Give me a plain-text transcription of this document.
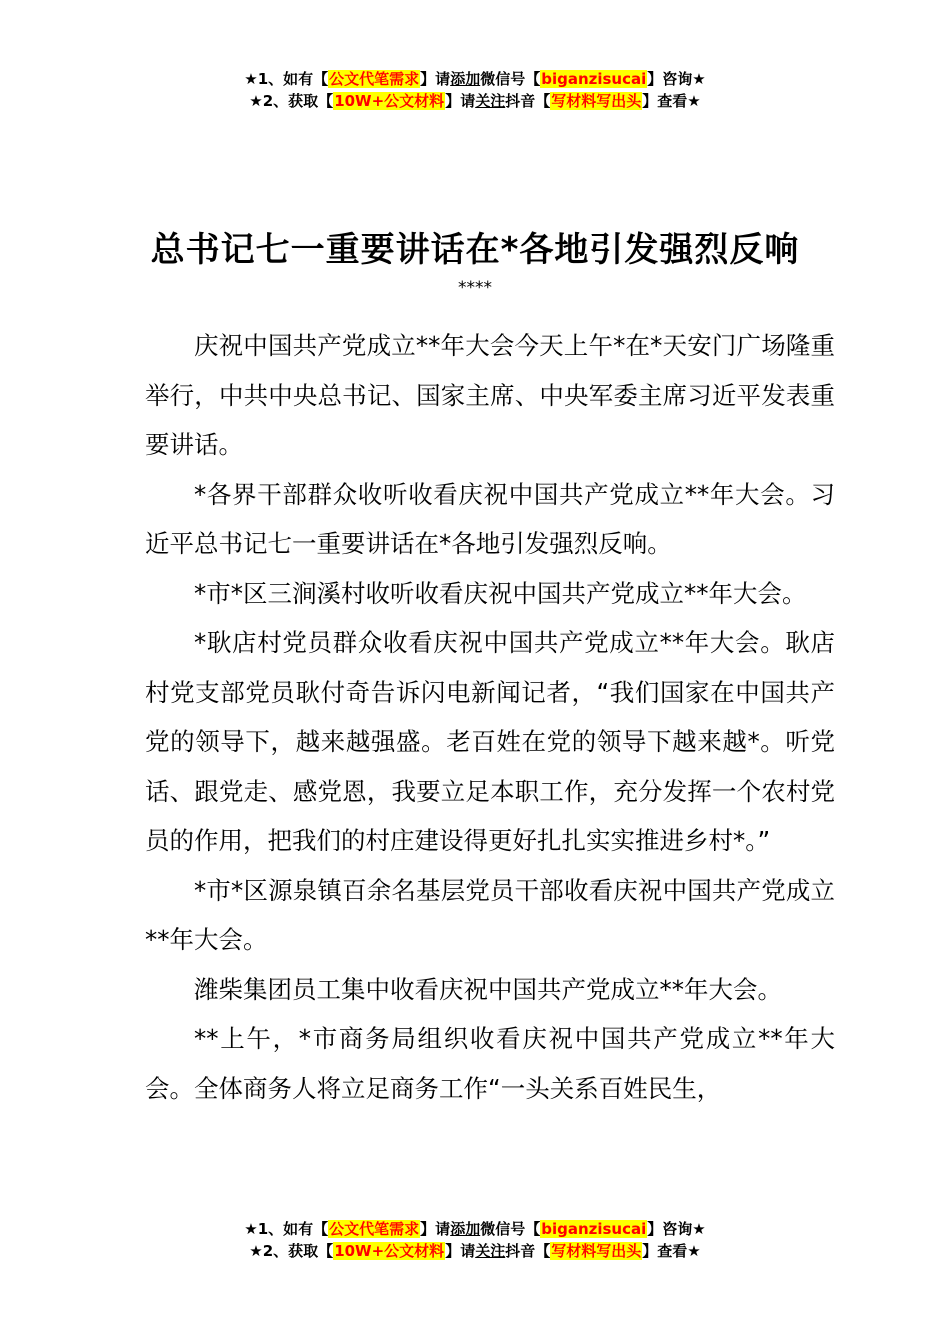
★1、如有【公文代笔需求】请添加微信号【biganzisucai】咨询★
★2、获取【10W+公文材料】请关注抖音【写材料写出头】查看★
总书记七一重要讲话在*各地引发强烈反响
****

庆祝中国共产党成立**年大会今天上午*在*天安门广场隆重举行，中共中央总书记、国家主席、中央军委主席习近平发表重要讲话。

*各界干部群众收听收看庆祝中国共产党成立**年大会。习近平总书记七一重要讲话在*各地引发强烈反响。

*市*区三涧溪村收听收看庆祝中国共产党成立**年大会。

*耿店村党员群众收看庆祝中国共产党成立**年大会。耿店村党支部党员耿付奇告诉闪电新闻记者，“我们国家在中国共产党的领导下，越来越强盛。老百姓在党的领导下越来越*。听党话、跟党走、感党恩，我要立足本职工作，充分发挥一个农村党员的作用，把我们的村庄建设得更好扎扎实实推进乡村*。”

*市*区源泉镇百余名基层党员干部收看庆祝中国共产党成立**年大会。

潍柴集团员工集中收看庆祝中国共产党成立**年大会。

**上午，*市商务局组织收看庆祝中国共产党成立**年大会。全体商务人将立足商务工作“一头关系百姓民生，

★1、如有【公文代笔需求】请添加微信号【biganzisucai】咨询★
★2、获取【10W+公文材料】请关注抖音【写材料写出头】查看★
